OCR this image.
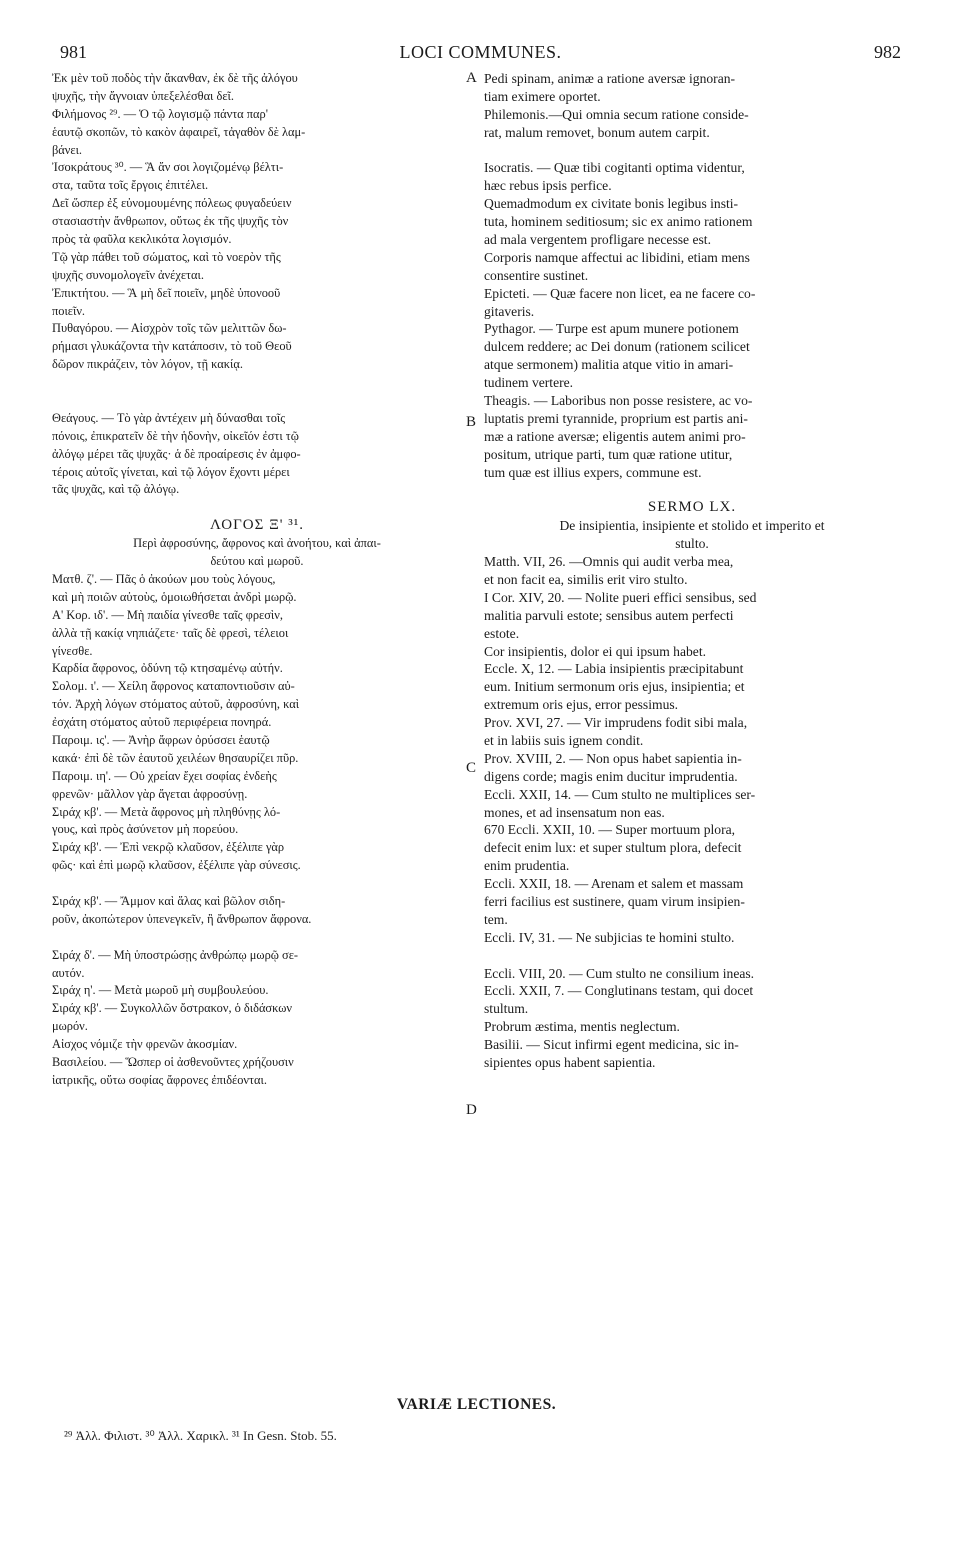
981	LOCI COMMUNES.	982
Ἐκ μὲν τοῦ ποδὸς τὴν ἄκανθαν, ἐκ δὲ τῆς ἀλόγου
ψυχῆς, τὴν ἄγνοιαν ὑπεξελέσθαι δεῖ.
Φιλήμονος ²⁹. — Ὁ τῷ λογισμῷ πάντα παρ'
ἑαυτῷ σκοπῶν, τὸ κακὸν ἀφαιρεῖ, τἀγαθὸν δὲ λαμ-
βάνει.
Ἰσοκράτους ³⁰. — Ἃ ἄν σοι λογιζομένῳ βέλτι-
στα, ταῦτα τοῖς ἔργοις ἐπιτέλει.
Δεῖ ὥσπερ ἐξ εὐνομουμένης πόλεως φυγαδεύειν
στασιαστὴν ἄνθρωπον, οὕτως ἐκ τῆς ψυχῆς τὸν
πρὸς τὰ φαῦλα κεκλικότα λογισμόν.
Τῷ γὰρ πάθει τοῦ σώματος, καὶ τὸ νοερὸν τῆς
ψυχῆς συνομολογεῖν ἀνέχεται.
Ἐπικτήτου. — Ἃ μὴ δεῖ ποιεῖν, μηδὲ ὑπονοοῦ
ποιεῖν.
Πυθαγόρου. — Αἰσχρὸν τοῖς τῶν μελιττῶν δω-
ρήμασι γλυκάζοντα τὴν κατάποσιν, τὸ τοῦ Θεοῦ
δῶρον πικράζειν, τὸν λόγον, τῇ κακίᾳ.
Θεάγους. — Τὸ γὰρ ἀντέχειν μὴ δύνασθαι τοῖς
πόνοις, ἐπικρατεῖν δὲ τὴν ἡδονὴν, οἰκεῖόν ἐστι τῷ
ἀλόγῳ μέρει τᾶς ψυχᾶς· ἁ δὲ προαίρεσις ἐν ἀμφο-
τέροις αὐτοῖς γίνεται, καὶ τῷ λόγον ἔχοντι μέρει
τᾶς ψυχᾶς, καὶ τῷ ἀλόγῳ.
ΛΟΓΟΣ Ξ' ³¹.
Περὶ ἀφροσύνης, ἄφρονος καὶ ἀνοήτου, καὶ ἀπαι-
δεύτου καὶ μωροῦ.
Ματθ. ζ'. — Πᾶς ὁ ἀκούων μου τοὺς λόγους,
καὶ μὴ ποιῶν αὐτοὺς, ὁμοιωθήσεται ἀνδρὶ μωρῷ.
Α' Κορ. ιδ'. — Μὴ παιδία γίνεσθε ταῖς φρεσὶν,
ἀλλὰ τῇ κακίᾳ νηπιάζετε· ταῖς δὲ φρεσὶ, τέλειοι
γίνεσθε.
Καρδία ἄφρονος, ὀδύνη τῷ κτησαμένῳ αὐτήν.
Σολομ. ι'. — Χείλη ἄφρονος καταποντιοῦσιν αὐ-
τόν. Ἀρχὴ λόγων στόματος αὐτοῦ, ἀφροσύνη, καὶ
ἐσχάτη στόματος αὐτοῦ περιφέρεια πονηρά.
Παροιμ. ις'. — Ἀνὴρ ἄφρων ὀρύσσει ἑαυτῷ
κακά· ἐπὶ δὲ τῶν ἑαυτοῦ χειλέων θησαυρίζει πῦρ.
Παροιμ. ιη'. — Οὐ χρείαν ἔχει σοφίας ἐνδεὴς
φρενῶν· μᾶλλον γὰρ ἄγεται ἀφροσύνῃ.
Σιράχ κβ'. — Μετὰ ἄφρονος μὴ πληθύνῃς λό-
γους, καὶ πρὸς ἀσύνετον μὴ πορεύου.
Σιράχ κβ'. — Ἐπὶ νεκρῷ κλαῦσον, ἐξέλιπε γὰρ
φῶς· καὶ ἐπὶ μωρῷ κλαῦσον, ἐξέλιπε γὰρ σύνεσις.
Σιράχ κβ'. — Ἄμμον καὶ ἅλας καὶ βῶλον σιδη-
ροῦν, ἀκοπώτερον ὑπενεγκεῖν, ἢ ἄνθρωπον ἄφρονα.
Σιράχ δ'. — Μὴ ὑποστρώσῃς ἀνθρώπῳ μωρῷ σε-
αυτόν.
Σιράχ η'. — Μετὰ μωροῦ μὴ συμβουλεύου.
Σιράχ κβ'. — Συγκολλῶν ὄστρακον, ὁ διδάσκων
μωρόν.
Αἰσχος νόμιζε τὴν φρενῶν ἀκοσμίαν.
Βασιλείου. — Ὥσπερ οἱ ἀσθενοῦντες χρήζουσιν
ἰατρικῆς, οὕτω σοφίας ἄφρονες ἐπιδέονται.
Pedi spinam, animæ a ratione aversæ ignoran-
tiam eximere oportet.
Philemonis.—Qui omnia secum ratione conside-
rat, malum removet, bonum autem carpit.
Isocratis. — Quæ tibi cogitanti optima videntur,
hæc rebus ipsis perfice.
Quemadmodum ex civitate bonis legibus insti-
tuta, hominem seditiosum; sic ex animo rationem
ad mala vergentem profligare necesse est.
Corporis namque affectui ac libidini, etiam mens
consentire sustinet.
Epicteti. — Quæ facere non licet, ea ne facere co-
gitaveris.
Pythagor. — Turpe est apum munere potionem
dulcem reddere; ac Dei donum (rationem scilicet
atque sermonem) malitia atque vitio in amari-
tudinem vertere.
Theagis. — Laboribus non posse resistere, ac vo-
luptatis premi tyrannide, proprium est partis ani-
mæ a ratione aversæ; eligentis autem animi pro-
positum, utrique parti, tum quæ ratione utitur,
tum quæ est illius expers, commune est.
SERMO LX.
De insipientia, insipiente et stolido et imperito et
stulto.
Matth. VII, 26. —Omnis qui audit verba mea,
et non facit ea, similis erit viro stulto.
I Cor. XIV, 20. — Nolite pueri effici sensibus, sed
malitia parvuli estote; sensibus autem perfecti
estote.
Cor insipientis, dolor ei qui ipsum habet.
Eccle. X, 12. — Labia insipientis præcipitabunt
eum. Initium sermonum oris ejus, insipientia; et
extremum oris ejus, error pessimus.
Prov. XVI, 27. — Vir imprudens fodit sibi mala,
et in labiis suis ignem condit.
Prov. XVIII, 2. — Non opus habet sapientia in-
digens corde; magis enim ducitur imprudentia.
Eccli. XXII, 14. — Cum stulto ne multiplices ser-
mones, et ad insensatum non eas.
670 Eccli. XXII, 10. — Super mortuum plora,
defecit enim lux: et super stultum plora, defecit
enim prudentia.
Eccli. XXII, 18. — Arenam et salem et massam
ferri facilius est sustinere, quam virum insipien-
tem.
Eccli. IV, 31. — Ne subjicias te homini stulto.
Eccli. VIII, 20. — Cum stulto ne consilium ineas.
Eccli. XXII, 7. — Conglutinans testam, qui docet
stultum.
Probrum æstima, mentis neglectum.
Basilii. — Sicut infirmi egent medicina, sic in-
sipientes opus habent sapientia.
A
B
C
D
VARIÆ LECTIONES.
²⁹ Ἀλλ. Φιλιστ. ³⁰ Ἀλλ. Χαρικλ. ³¹ In Gesn. Stob. 55.
